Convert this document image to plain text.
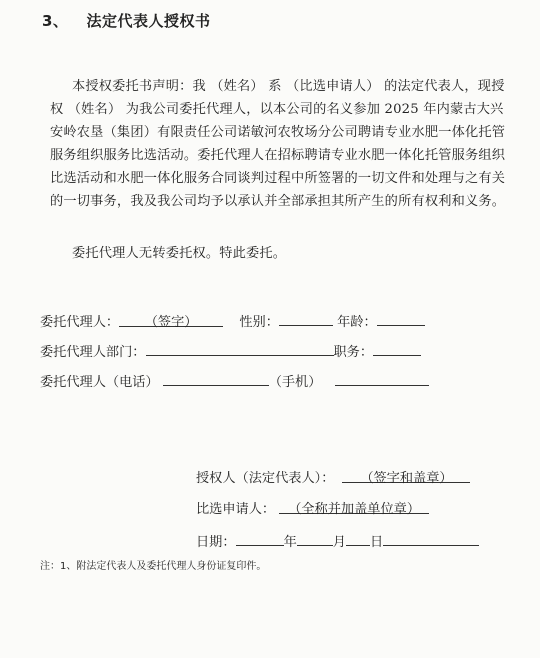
3、 法定代表人授权书
本授权委托书声明：我 （姓名） 系 （比选申请人） 的法定代表人，现授权 （姓名） 为我公司委托代理人，以本公司的名义参加 2025 年内蒙古大兴安岭农垦（集团）有限责任公司诺敏河农牧场分公司聘请专业水肥一体化托管服务组织服务比选活动。委托代理人在招标聘请专业水肥一体化托管服务组织比选活动和水肥一体化服务合同谈判过程中所签署的一切文件和处理与之有关的一切事务，我及我公司均予以承认并全部承担其所产生的所有权利和义务。
委托代理人无转委托权。特此委托。
委托代理人： （签字）	性别：	年龄：
委托代理人部门：	职务：
委托代理人（电话）	（手机）
授权人（法定代表人）： （签字和盖章）
比选申请人： （全称并加盖单位章）
日期：	年	月 日
注：1、附法定代表人及委托代理人身份证复印件。
